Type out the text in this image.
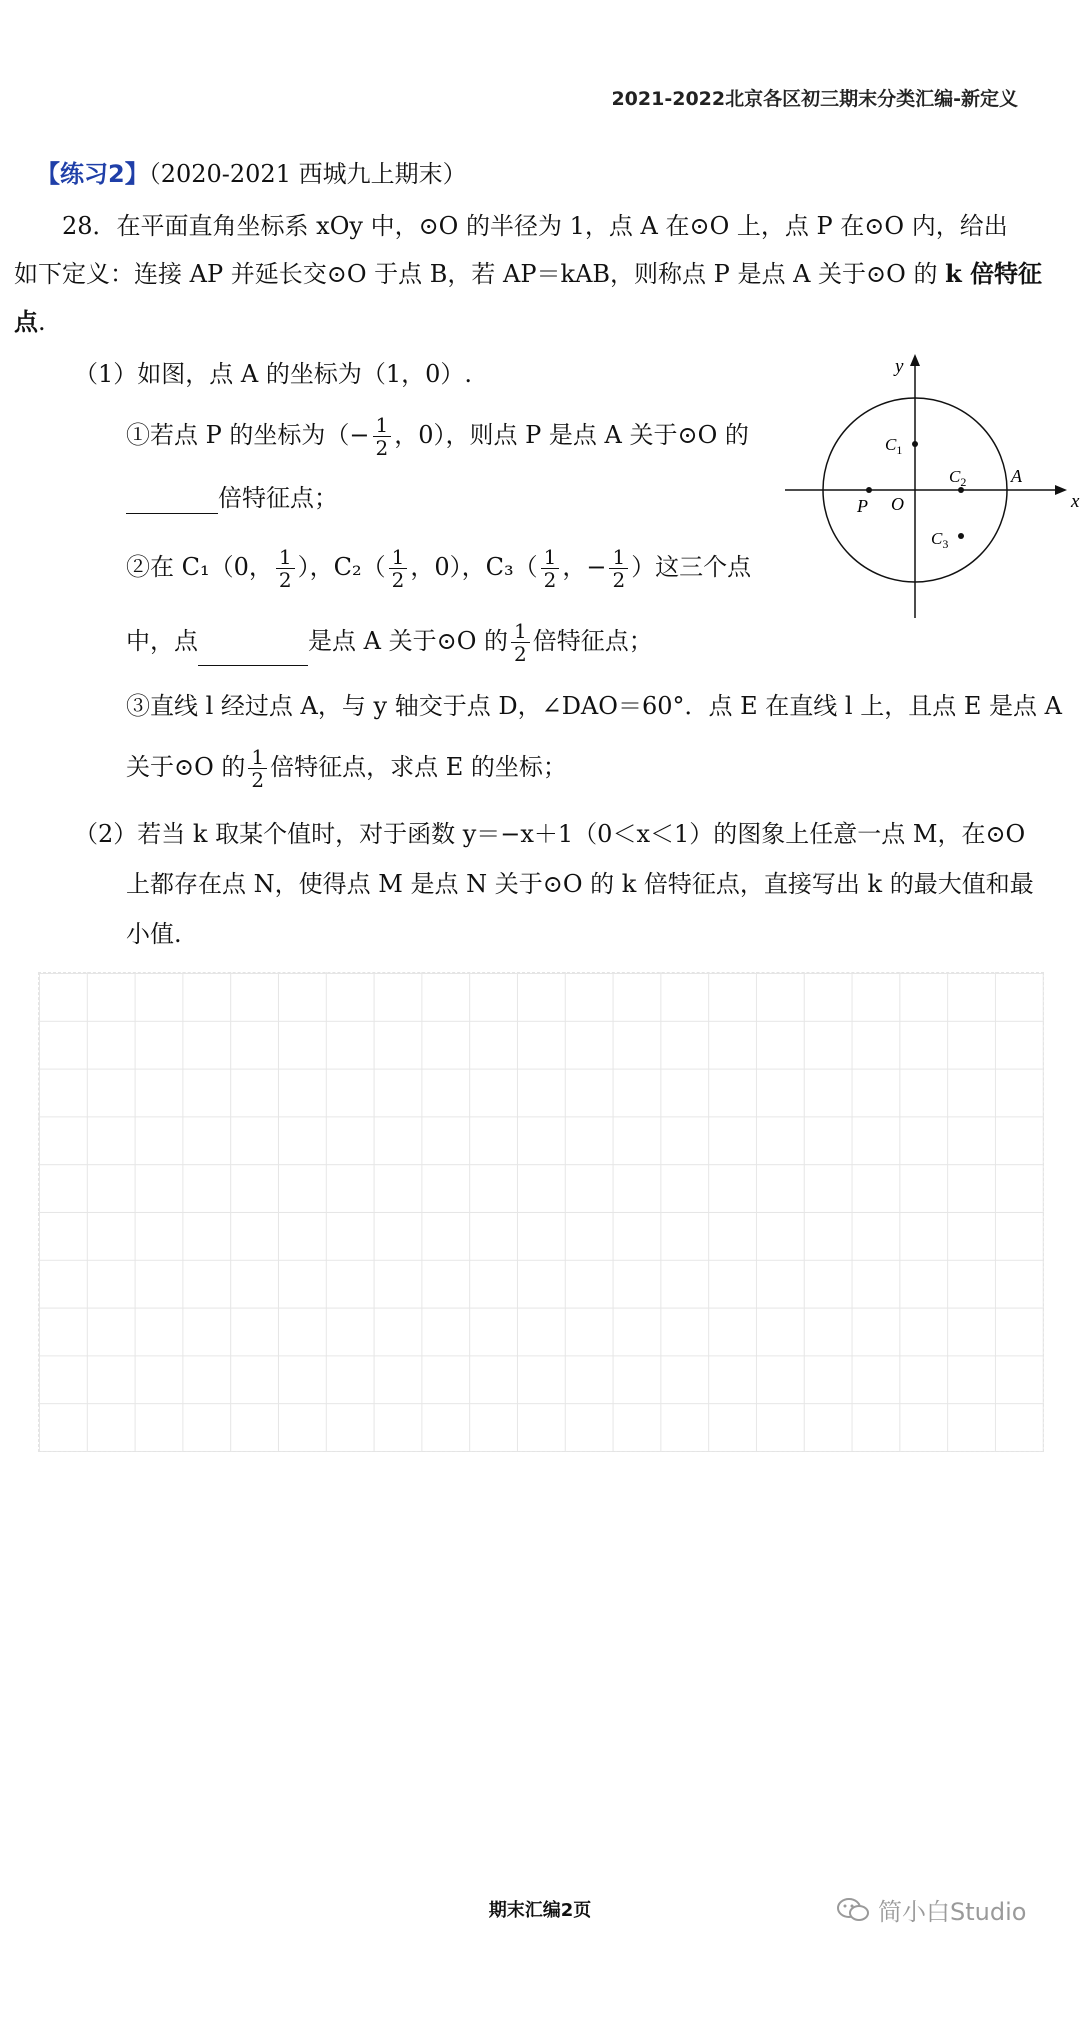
2021-2022北京各区初三期末分类汇编-新定义
【练习2】（2020-2021 西城九上期末）
28．在平面直角坐标系 xOy 中，⊙O 的半径为 1，点 A 在⊙O 上，点 P 在⊙O 内，给出
如下定义：连接 AP 并延长交⊙O 于点 B，若 AP＝kAB，则称点 P 是点 A 关于⊙O 的 k 倍特征
点.
（1）如图，点 A 的坐标为（1，0）.
①若点 P 的坐标为（− $\frac{1}{2}$ ，0），则点 P 是点 A 关于⊙O 的
倍特征点；
②在 C₁（0， $\frac{1}{2}$ ），$C_2( \frac{1}{2}$ ，0），$C_3( \frac{1}{2}$ ，− $\frac{1}{2}$ ）这三个点
中，点	是点 A 关于⊙O 的 $\frac{1}{2}$ 倍特征点；
③直线 l 经过点 A，与 y 轴交于点 D，∠DAO＝60°．点 E 在直线 l 上，且点 E 是点 A
关于⊙O 的 $\frac{1}{2}$ 倍特征点，求点 E 的坐标；
（2）若当 k 取某个值时，对于函数 y＝−x＋1（0＜x＜1）的图象上任意一点 M，在⊙O
上都存在点 N，使得点 M 是点 N 关于⊙O 的 k 倍特征点，直接写出 k 的最大值和最
小值.
x
y
O
A
P
$C_1$
$C_2$
$C_3$
期末汇编2页	简小白Studio
